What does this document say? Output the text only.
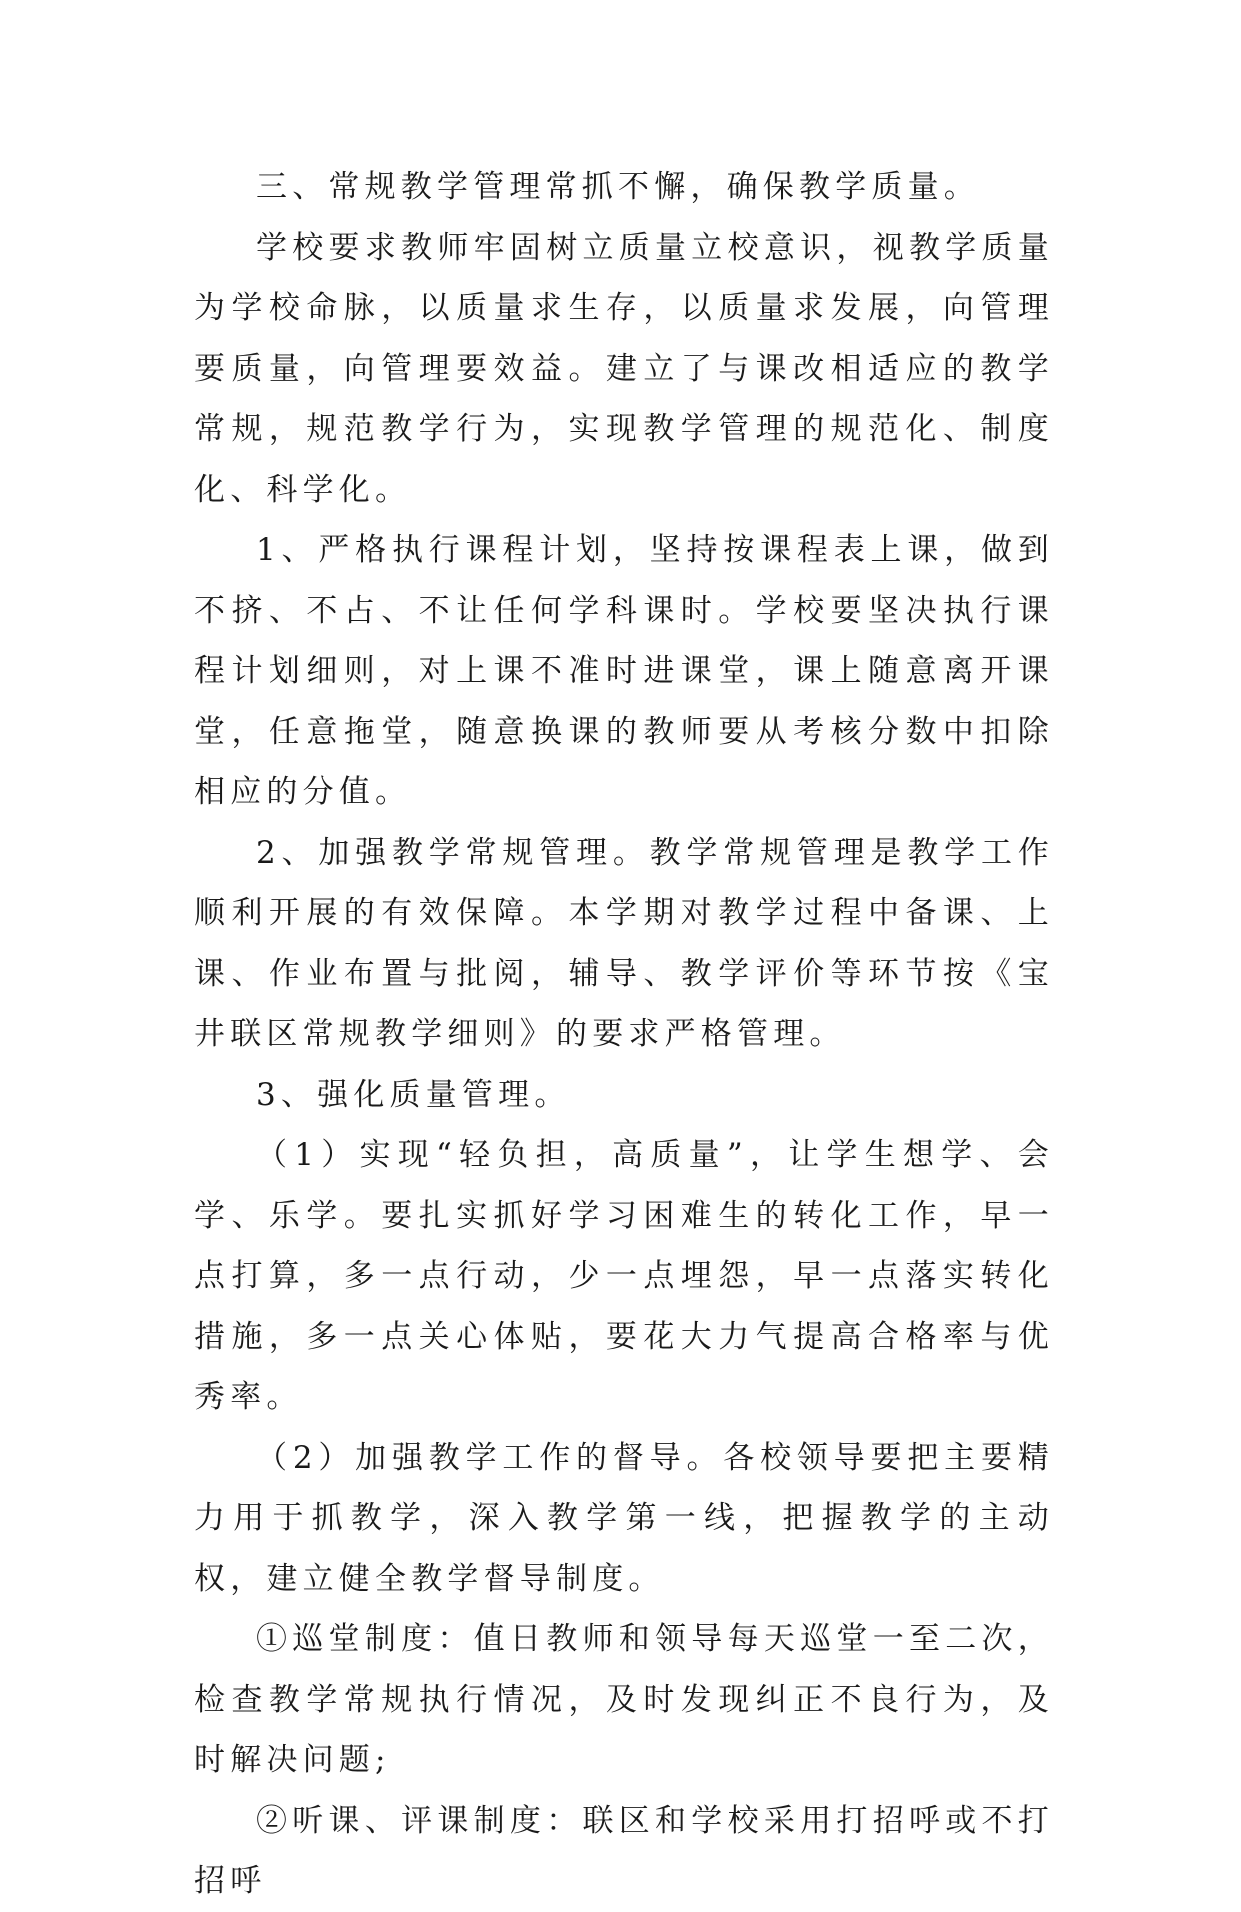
三、常规教学管理常抓不懈，确保教学质量。

学校要求教师牢固树立质量立校意识，视教学质量为学校命脉，以质量求生存，以质量求发展，向管理要质量，向管理要效益。建立了与课改相适应的教学常规，规范教学行为，实现教学管理的规范化、制度化、科学化。

1、严格执行课程计划，坚持按课程表上课，做到不挤、不占、不让任何学科课时。学校要坚决执行课程计划细则，对上课不准时进课堂，课上随意离开课堂，任意拖堂，随意换课的教师要从考核分数中扣除相应的分值。

2、加强教学常规管理。教学常规管理是教学工作顺利开展的有效保障。本学期对教学过程中备课、上课、作业布置与批阅，辅导、教学评价等环节按《宝井联区常规教学细则》的要求严格管理。

3、强化质量管理。

（1）实现“轻负担，高质量”，让学生想学、会学、乐学。要扎实抓好学习困难生的转化工作，早一点打算，多一点行动，少一点埋怨，早一点落实转化措施，多一点关心体贴，要花大力气提高合格率与优秀率。

（2）加强教学工作的督导。各校领导要把主要精力用于抓教学，深入教学第一线，把握教学的主动权，建立健全教学督导制度。

①巡堂制度：值日教师和领导每天巡堂一至二次，检查教学常规执行情况，及时发现纠正不良行为，及时解决问题;

②听课、评课制度：联区和学校采用打招呼或不打招呼
